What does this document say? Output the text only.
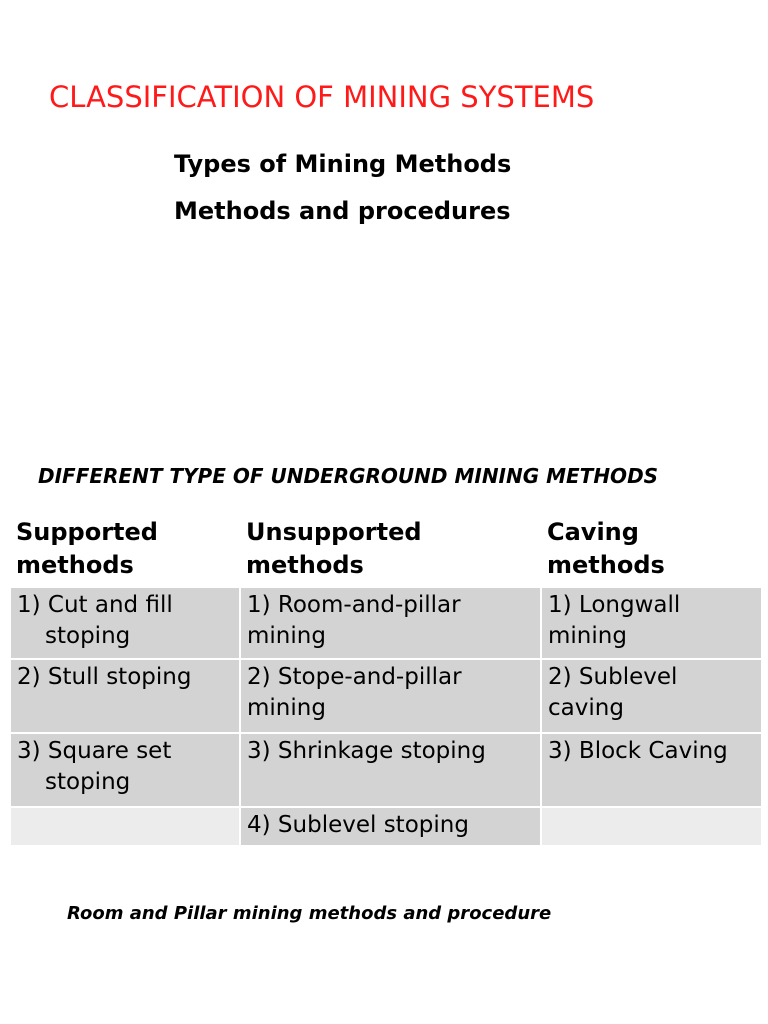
CLASSIFICATION OF MINING SYSTEMS
Types of Mining Methods
Methods and procedures
DIFFERENT TYPE OF UNDERGROUND MINING METHODS
Supported methods	Unsupported methods	Caving methods

1) Cut and fill stoping	1) Room-and-pillar mining	1) Longwall mining
2) Stull stoping	2) Stope-and-pillar mining	2) Sublevel caving

3) Square set stoping	3) Shrinkage stoping	3) Block Caving
	4) Sublevel stoping	
Room and Pillar mining methods and procedure
